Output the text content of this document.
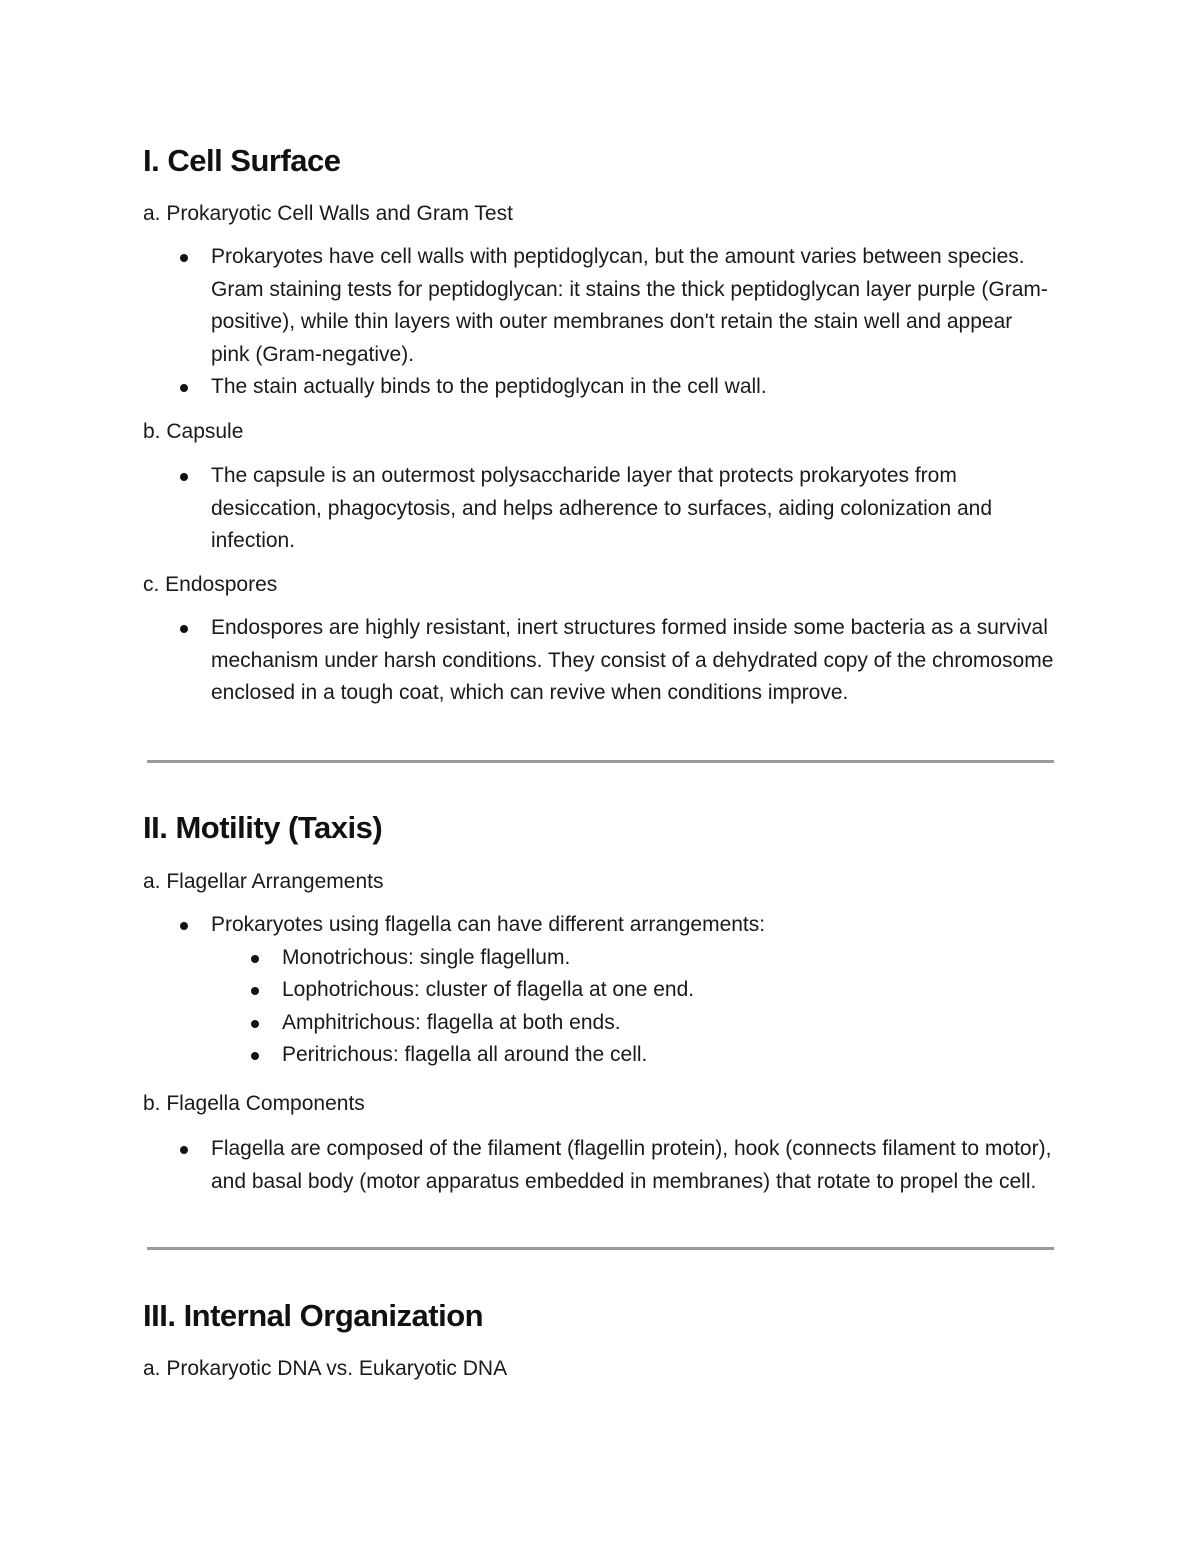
I. Cell Surface

a. Prokaryotic Cell Walls and Gram Test

Prokaryotes have cell walls with peptidoglycan, but the amount varies between species. Gram staining tests for peptidoglycan: it stains the thick peptidoglycan layer purple (Gram-positive), while thin layers with outer membranes don't retain the stain well and appear pink (Gram-negative).
The stain actually binds to the peptidoglycan in the cell wall.

b. Capsule

The capsule is an outermost polysaccharide layer that protects prokaryotes from desiccation, phagocytosis, and helps adherence to surfaces, aiding colonization and infection.

c. Endospores

Endospores are highly resistant, inert structures formed inside some bacteria as a survival mechanism under harsh conditions. They consist of a dehydrated copy of the chromosome enclosed in a tough coat, which can revive when conditions improve.
II. Motility (Taxis)

a. Flagellar Arrangements

Prokaryotes using flagella can have different arrangements:
Monotrichous: single flagellum.
Lophotrichous: cluster of flagella at one end.
Amphitrichous: flagella at both ends.
Peritrichous: flagella all around the cell.

b. Flagella Components

Flagella are composed of the filament (flagellin protein), hook (connects filament to motor), and basal body (motor apparatus embedded in membranes) that rotate to propel the cell.
III. Internal Organization

a. Prokaryotic DNA vs. Eukaryotic DNA
